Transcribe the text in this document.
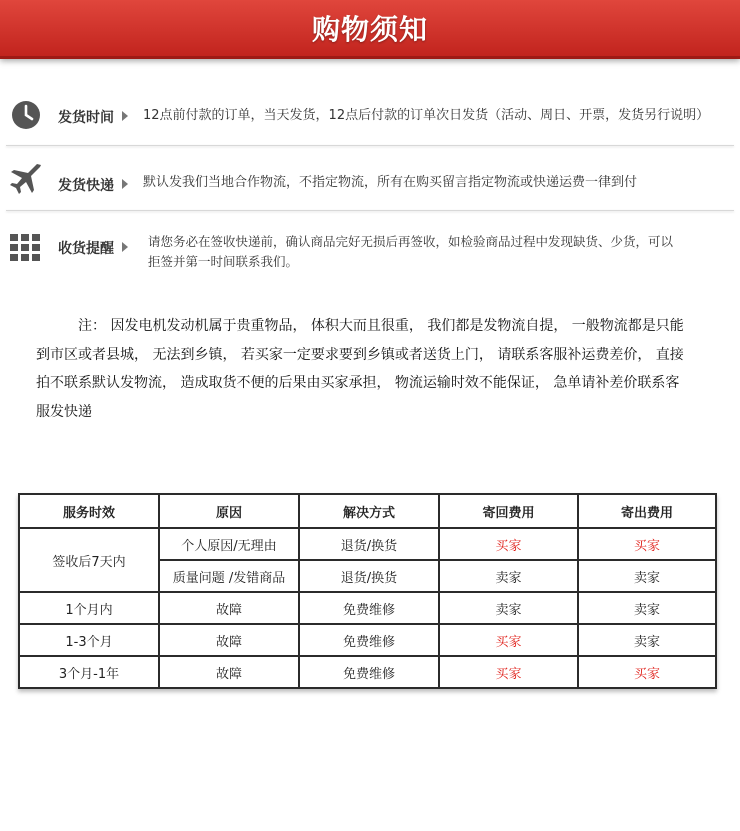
购物须知
发货时间 12点前付款的订单，当天发货，12点后付款的订单次日发货（活动、周日、开票，发货另行说明）
发货快递 默认发我们当地合作物流，不指定物流，所有在购买留言指定物流或快递运费一律到付
收货提醒	请您务必在签收快递前，确认商品完好无损后再签收，如检验商品过程中发现缺货、少货，可以
拒签并第一时间联系我们。
注： 因发电机发动机属于贵重物品， 体积大而且很重， 我们都是发物流自提， 一般物流都是只能到市区或者县城， 无法到乡镇， 若买家一定要求要到乡镇或者送货上门， 请联系客服补运费差价， 直接拍不联系默认发物流， 造成取货不便的后果由买家承担， 物流运输时效不能保证， 急单请补差价联系客服发快递
服务时效	原因	解决方式	寄回费用	寄出费用
签收后7天内	个人原因/无理由	退货/换货	买家	买家
	质量问题 /发错商品	退货/换货	卖家	卖家
1个月内	故障	免费维修	卖家	卖家
1-3个月	故障	免费维修	买家	卖家
3个月-1年	故障	免费维修	买家	买家
